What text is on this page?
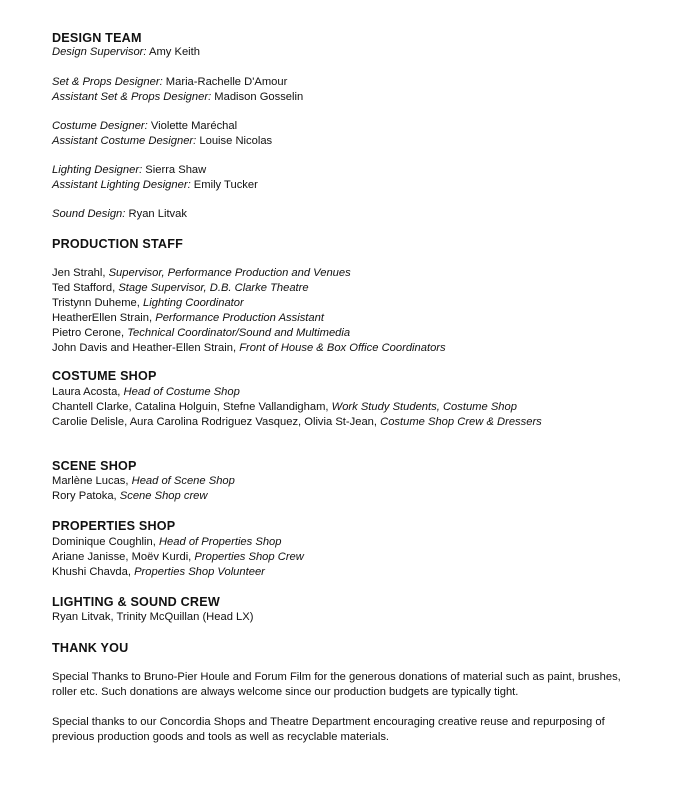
DESIGN TEAM
Design Supervisor: Amy Keith
Set & Props Designer: Maria-Rachelle D'Amour
Assistant Set & Props Designer: Madison Gosselin
Costume Designer: Violette Maréchal
Assistant Costume Designer: Louise Nicolas
Lighting Designer: Sierra Shaw
Assistant Lighting Designer: Emily Tucker
Sound Design: Ryan Litvak
PRODUCTION STAFF
Jen Strahl, Supervisor, Performance Production and Venues
Ted Stafford, Stage Supervisor, D.B. Clarke Theatre
Tristynn Duheme, Lighting Coordinator
HeatherEllen Strain, Performance Production Assistant
Pietro Cerone, Technical Coordinator/Sound and Multimedia
John Davis and Heather-Ellen Strain, Front of House & Box Office Coordinators
COSTUME SHOP
Laura Acosta, Head of Costume Shop
Chantell Clarke, Catalina Holguin, Stefne Vallandigham, Work Study Students, Costume Shop
Carolie Delisle, Aura Carolina Rodriguez Vasquez, Olivia St-Jean, Costume Shop Crew & Dressers
SCENE SHOP
Marlène Lucas, Head of Scene Shop
Rory Patoka, Scene Shop crew
PROPERTIES SHOP
Dominique Coughlin, Head of Properties Shop
Ariane Janisse, Moëv Kurdi, Properties Shop Crew
Khushi Chavda, Properties Shop Volunteer
LIGHTING & SOUND CREW
Ryan Litvak, Trinity McQuillan (Head LX)
THANK YOU

Special Thanks to Bruno-Pier Houle and Forum Film for the generous donations of material such as paint, brushes, roller etc. Such donations are always welcome since our production budgets are typically tight.

Special thanks to our Concordia Shops and Theatre Department encouraging creative reuse and repurposing of previous production goods and tools as well as recyclable materials.
